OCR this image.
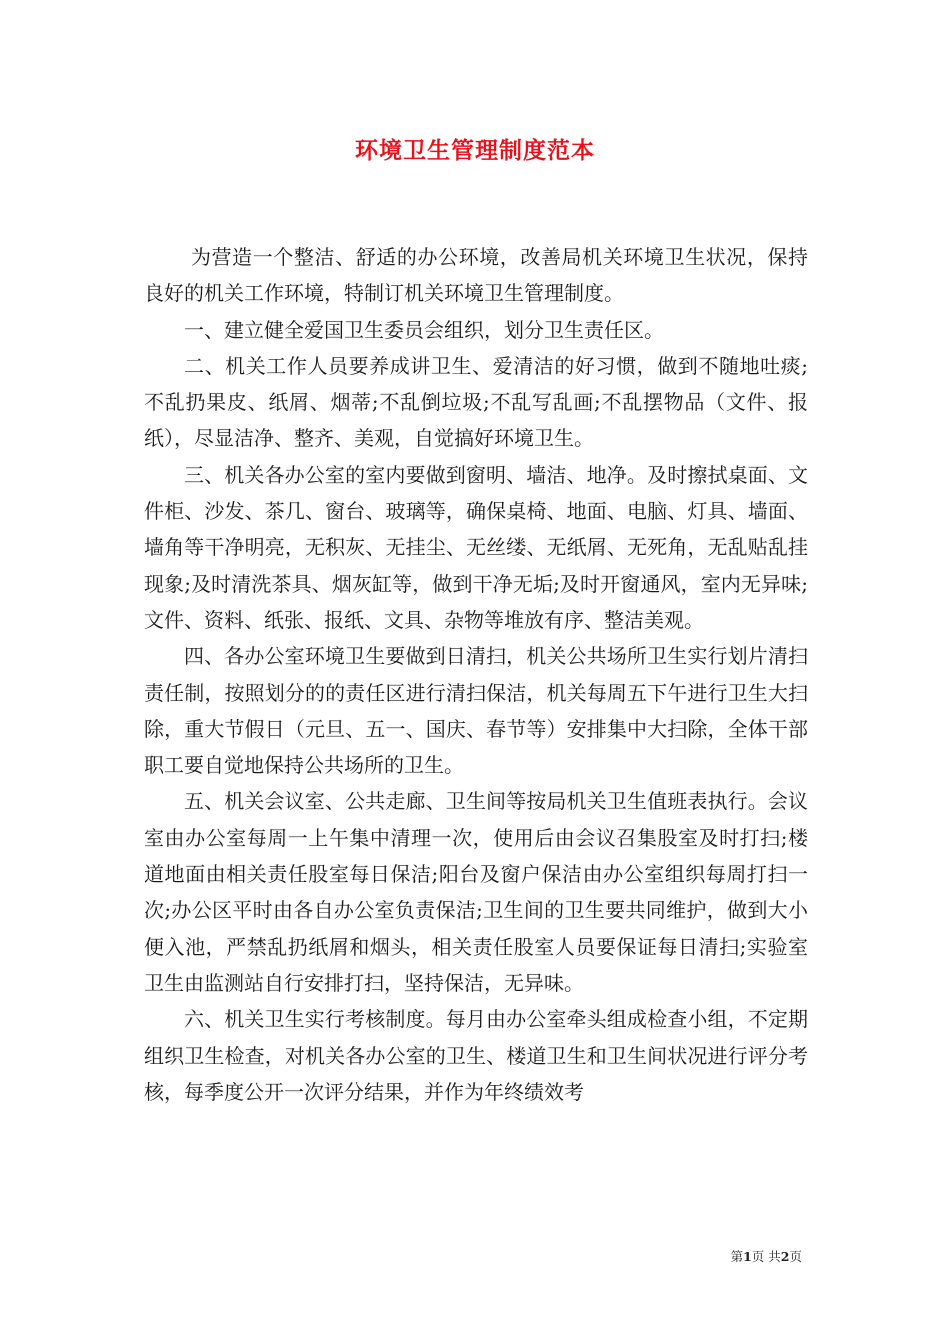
环境卫生管理制度范本

为营造一个整洁、舒适的办公环境，改善局机关环境卫生状况，保持良好的机关工作环境，特制订机关环境卫生管理制度。

一、建立健全爱国卫生委员会组织，划分卫生责任区。

二、机关工作人员要养成讲卫生、爱清洁的好习惯，做到不随地吐痰;不乱扔果皮、纸屑、烟蒂;不乱倒垃圾;不乱写乱画;不乱摆物品（文件、报纸），尽显洁净、整齐、美观，自觉搞好环境卫生。

三、机关各办公室的室内要做到窗明、墙洁、地净。及时擦拭桌面、文件柜、沙发、茶几、窗台、玻璃等，确保桌椅、地面、电脑、灯具、墙面、墙角等干净明亮，无积灰、无挂尘、无丝缕、无纸屑、无死角，无乱贴乱挂现象;及时清洗茶具、烟灰缸等，做到干净无垢;及时开窗通风，室内无异味;文件、资料、纸张、报纸、文具、杂物等堆放有序、整洁美观。

四、各办公室环境卫生要做到日清扫，机关公共场所卫生实行划片清扫责任制，按照划分的的责任区进行清扫保洁，机关每周五下午进行卫生大扫除，重大节假日（元旦、五一、国庆、春节等）安排集中大扫除，全体干部职工要自觉地保持公共场所的卫生。

五、机关会议室、公共走廊、卫生间等按局机关卫生值班表执行。会议室由办公室每周一上午集中清理一次，使用后由会议召集股室及时打扫;楼道地面由相关责任股室每日保洁;阳台及窗户保洁由办公室组织每周打扫一次;办公区平时由各自办公室负责保洁;卫生间的卫生要共同维护，做到大小便入池，严禁乱扔纸屑和烟头，相关责任股室人员要保证每日清扫;实验室卫生由监测站自行安排打扫，坚持保洁，无异味。

六、机关卫生实行考核制度。每月由办公室牵头组成检查小组，不定期组织卫生检查，对机关各办公室的卫生、楼道卫生和卫生间状况进行评分考核，每季度公开一次评分结果，并作为年终绩效考

第1页 共2页
